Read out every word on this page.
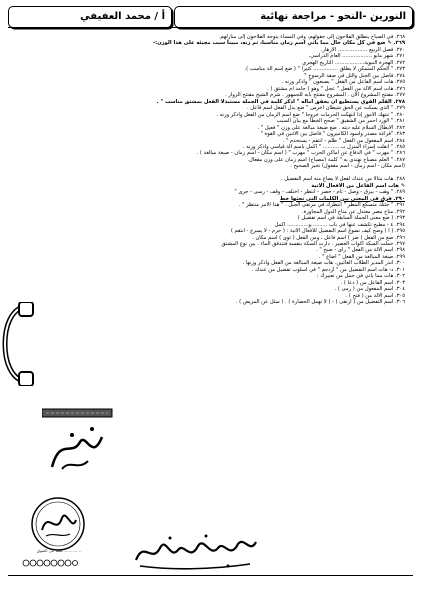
أ / محمد العفيفي	النورين -النحو - مراجعة نهائية
٢٦٨. في الصباح ينطلق الفلاحون إلى حقولهم، وفي المساء يتوجه الفلاحون إلى منازلهم.
٢٦٩. ✎ ضع في كل مكان خال مما يأتي اسم زمان مناسبا، ثم زنه، مبينا سبب مجيئه على هذا الوزن:-
٢٧٠. فصل الربيع .................. الأزهار.
٢٧١. شهر مايو .................. العام الدراسي.
٢٧٢. الهجرة النبوية.................. التاريخ الهجري
٢٧٣. " الحكم المتمكن لا يطلق ............... كثيرا " ( ضع اسم آلة مناسب ).
٢٧٤. فاضل بين الجبل والتل في صفة الرسوخ "
٢٧٥. هات اسم الفاعل من الفعل " يصنعون " واذكر وزنه .
٢٧٦. هات اسم الآلة من الفعل " عجل " وهو ( جامد أم مشتق ) .
٢٧٧. مفتتح المشروع الآن . المشروع مفتتح بابه للجمهور . شرم الشيخ مفتتح الزوار .
٢٧٨. القلم القوي يستطيع أن يحقق آماله " اذكر كلمة في الجملة مستبدلا الفعل بمشتق مناسب " .
٢٧٩. " الذي يسكت عن الحق شيطان أخرس " ضع بدل الفعل اسم فاعل .
٢٨٠. " تنتهك الأمور إذا انتهكت الحرمات خروجا " ضع اسم الزمان من الفعل واذكر وزنه .
٢٨١. " الورد أحمر من الشقيق " صحح الخطأ مع بيان السبب
٢٨٢. الأبطال السلام عليه ديته . ضع صيغة مبالغة على وزن " فعيل " .
٢٨٣. "فراغة مصدر وأسود الكاميرون " فاضل بين الاثنين في القوة "
٢٨٤. اسم المفعول من الفعل " ظلم - انتقم - يستخدم " .
٢٨٥. " انقلت إسراء المنزل بــ .......... " اكمل باسم آلة قياسي واذكر وزنه .
٢٨٦. " مهرب " في الدفاع عن أماكن الحرب " مهرب " ( اسم مكان - اسم زمان - صيغة مبالغة ) .
٢٨٧. " العلم مصباح نهتدي به " كلمة (مصباح) اسم زمان على وزن مفعال.
(اسم مكان - اسم زمان - اسم مفعول) تخير الصحيح .
٢٨٨. هات مثالا من عندك لفعل لا يصاغ منه اسم التفضيل .
✎ هات اسم الفاعل من الأفعال الآتية
٢٨٩. " وهب - يبرق - وصل - نام - حضر - انتظر - اختلف - وقف - رسى - جرى "
٢٩٠. فرق في المعنى بين الكلمات التي تحتها خط
٢٩١. " جئتك متسكع المطر " انتظرك في مرتقى الجبل . " هذا الأمر منتظر " .
٢٩٢. مناخ مصر معتدل عن مناخ الدول المجاورة.
٢٩٣. ( ضع معنى الجملة السابقة في اسم تفضيل )
٢٩٤. ٤ - مطبخ تكشف عنها في باب ..........و............. أكمل
٢٩٥. ( أ ) وضح كيف نصوغ اسم التفضيل للأفعال الآتية : ( حرم - لا يسرع - انتقم )
٢٩٦. صغ من الفعل ( ضر ) اسم فاعل ، ومن الفعل ( ثوى ) اسم مكان .
٢٩٧. حملت السكة أكواب العصير . دارت السكة بنفسه فتندفق الماء . بين نوع المشتق
٢٩٨. اسم الآلة من الفعل " راى - صبح " .
٢٩٩. صيغة المبالغة من الفعل " أضاع " .
٣٠٠. أنذر المدير الطلاب الغائبين. هات صيغة المبالغة من الفعل واذكر وزنها .
٣٠١. د- هات اسم التفضيل من " ازدحم " في أسلوب تفضيل من عندك .
٣٠٢. هات مما يأتي في جمل من تعبيرك :
٣٠٣. اسم الفاعل من ( دعا ) .
٣٠٤. اسم المفعول من ( رمى ) .
٣٠٥. اسم الآلة من ( فتح ) .
٣٠٦. اسم التفضيل من ( ارتقى ) - ( لا نهمل الحضارة ) . ( سئل عن المريض ) .
...............معنا الى التفوق
